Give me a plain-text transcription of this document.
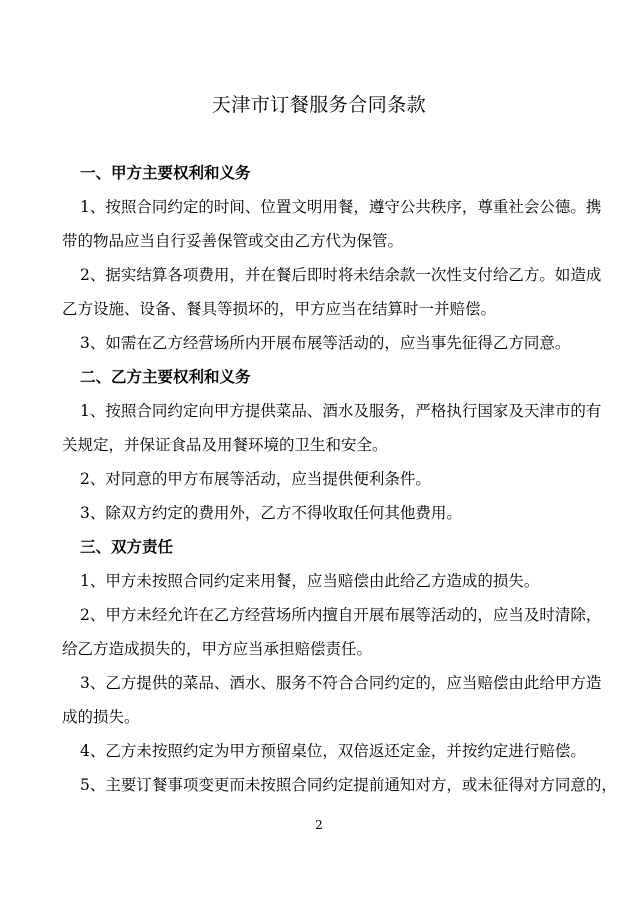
天津市订餐服务合同条款
一、甲方主要权利和义务
1、按照合同约定的时间、位置文明用餐，遵守公共秩序，尊重社会公德。携
带的物品应当自行妥善保管或交由乙方代为保管。
2、据实结算各项费用，并在餐后即时将未结余款一次性支付给乙方。如造成
乙方设施、设备、餐具等损坏的，甲方应当在结算时一并赔偿。
3、如需在乙方经营场所内开展布展等活动的，应当事先征得乙方同意。
二、乙方主要权利和义务
1、按照合同约定向甲方提供菜品、酒水及服务，严格执行国家及天津市的有
关规定，并保证食品及用餐环境的卫生和安全。
2、对同意的甲方布展等活动，应当提供便利条件。
3、除双方约定的费用外，乙方不得收取任何其他费用。
三、双方责任
1、甲方未按照合同约定来用餐，应当赔偿由此给乙方造成的损失。
2、甲方未经允许在乙方经营场所内擅自开展布展等活动的，应当及时清除，
给乙方造成损失的，甲方应当承担赔偿责任。
3、乙方提供的菜品、酒水、服务不符合合同约定的，应当赔偿由此给甲方造
成的损失。
4、乙方未按照约定为甲方预留桌位，双倍返还定金，并按约定进行赔偿。
5、主要订餐事项变更而未按照合同约定提前通知对方，或未征得对方同意的，
2
